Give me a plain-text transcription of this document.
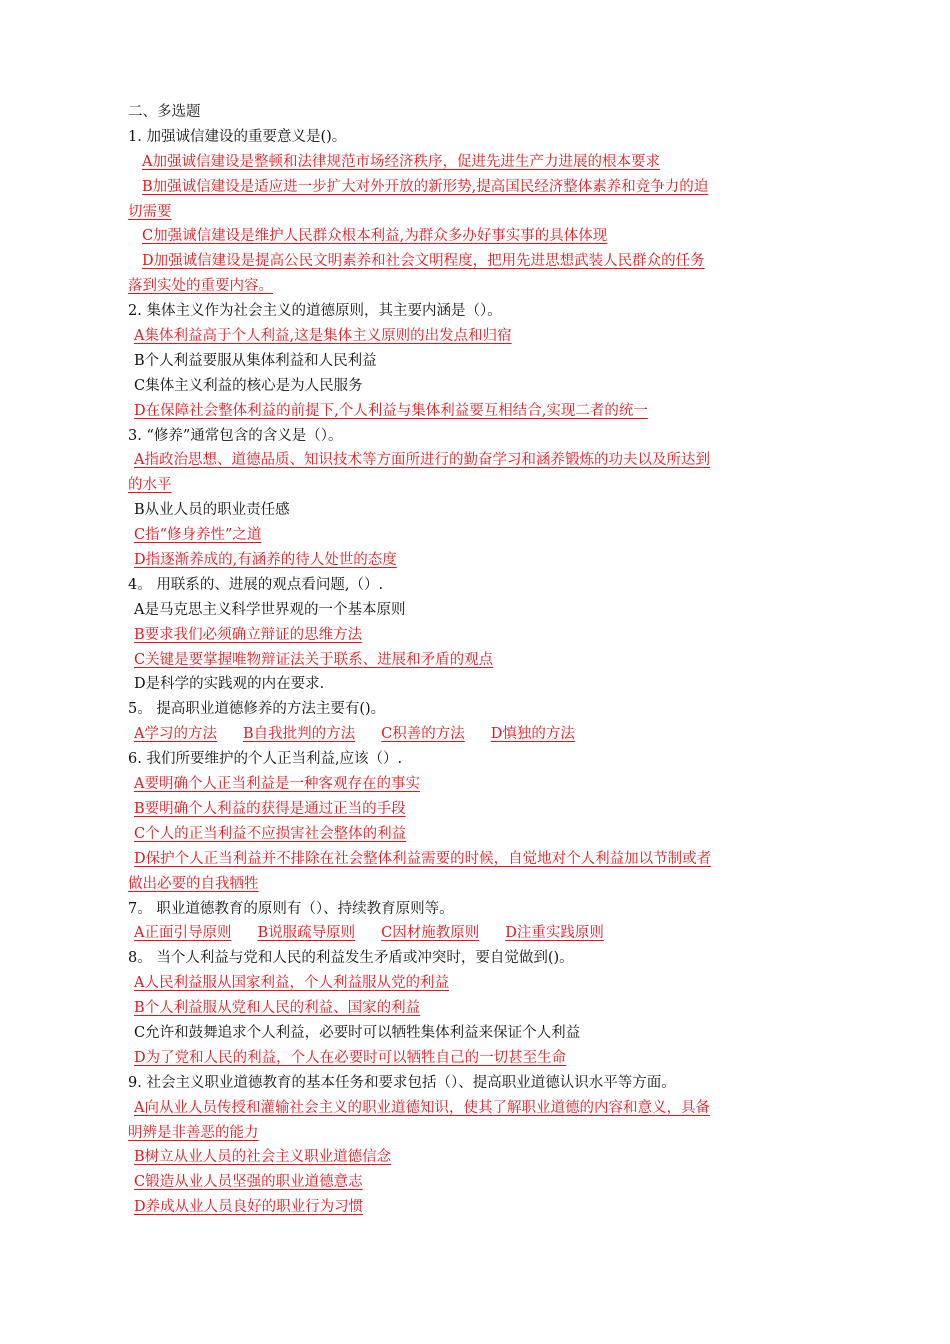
二、多选题
1. 加强诚信建设的重要意义是()。
A加强诚信建设是整顿和法律规范市场经济秩序，促进先进生产力进展的根本要求
B加强诚信建设是适应进一步扩大对外开放的新形势,提高国民经济整体素养和竞争力的迫
切需要
C加强诚信建设是维护人民群众根本利益,为群众多办好事实事的具体体现
D加强诚信建设是提高公民文明素养和社会文明程度，把用先进思想武装人民群众的任务
落到实处的重要内容。
2. 集体主义作为社会主义的道德原则，其主要内涵是（）。
A集体利益高于个人利益,这是集体主义原则的出发点和归宿
B个人利益要服从集体利益和人民利益
C集体主义利益的核心是为人民服务
D在保障社会整体利益的前提下,个人利益与集体利益要互相结合,实现二者的统一
3. “修养”通常包含的含义是（）。
A指政治思想、道德品质、知识技术等方面所进行的勤奋学习和涵养锻炼的功夫以及所达到
的水平
B从业人员的职业责任感
C指“修身养性”之道
D指逐渐养成的,有涵养的待人处世的态度
4。 用联系的、进展的观点看问题,（）.
A是马克思主义科学世界观的一个基本原则
B要求我们必须确立辩证的思维方法
C关键是要掌握唯物辩证法关于联系、进展和矛盾的观点
D是科学的实践观的内在要求.
5。 提高职业道德修养的方法主要有()。
A学习的方法 B自我批判的方法 C积善的方法 D慎独的方法
6. 我们所要维护的个人正当利益,应该（）.
A要明确个人正当利益是一种客观存在的事实
B要明确个人利益的获得是通过正当的手段
C个人的正当利益不应损害社会整体的利益
D保护个人正当利益并不排除在社会整体利益需要的时候，自觉地对个人利益加以节制或者
做出必要的自我牺牲
7。 职业道德教育的原则有（）、持续教育原则等。
A正面引导原则 B说服疏导原则 C因材施教原则 D注重实践原则
8。 当个人利益与党和人民的利益发生矛盾或冲突时，要自觉做到()。
A人民利益服从国家利益，个人利益服从党的利益
B个人利益服从党和人民的利益、国家的利益
C允许和鼓舞追求个人利益，必要时可以牺牲集体利益来保证个人利益
D为了党和人民的利益，个人在必要时可以牺牲自己的一切甚至生命
9. 社会主义职业道德教育的基本任务和要求包括（）、提高职业道德认识水平等方面。
A向从业人员传授和灌输社会主义的职业道德知识，使其了解职业道德的内容和意义，具备
明辨是非善恶的能力
B树立从业人员的社会主义职业道德信念
C锻造从业人员坚强的职业道德意志
D养成从业人员良好的职业行为习惯
